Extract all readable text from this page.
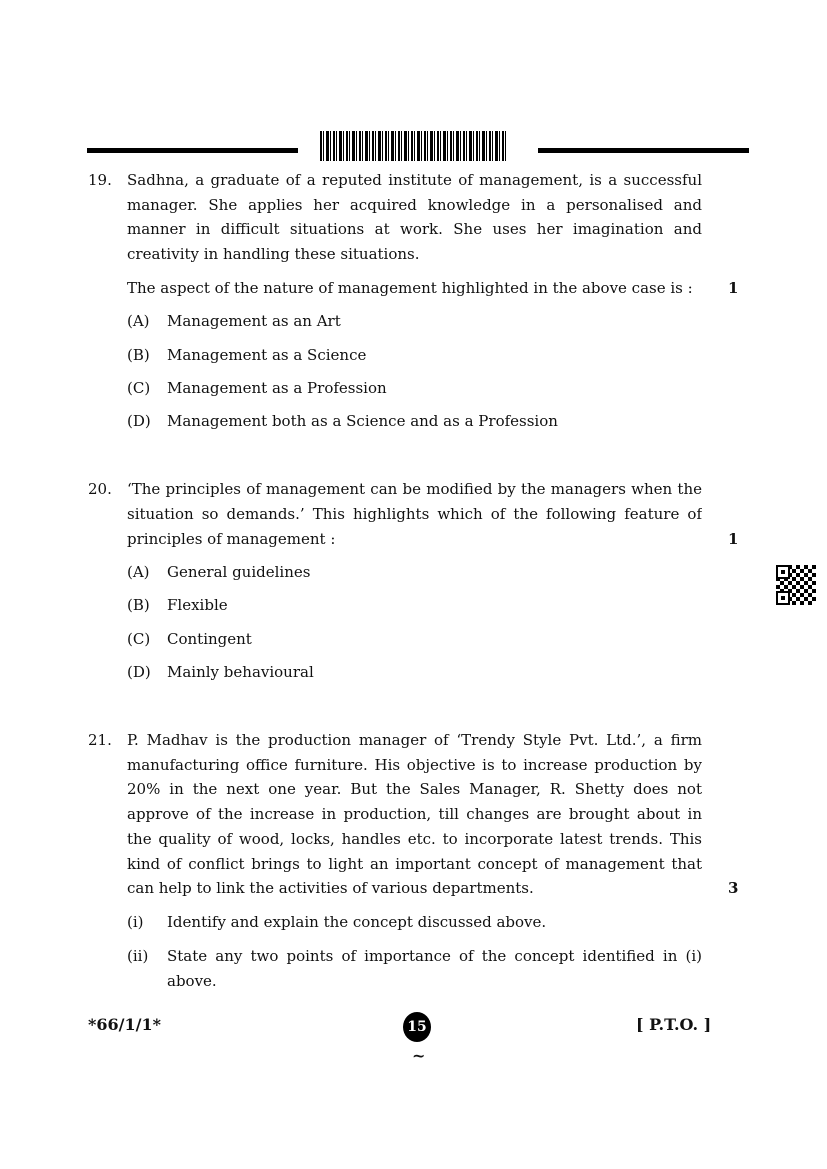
19. Sadhna, a graduate of a reputed institute of management, is a successful
manager. She applies her acquired knowledge in a personalised and
manner in difficult situations at work. She uses her imagination and
creativity in handling these situations.
The aspect of the nature of management highlighted in the above case is :	1
(A) Management as an Art
(B) Management as a Science
(C) Management as a Profession
(D) Management both as a Science and as a Profession
20. ‘The principles of management can be modified by the managers when the
situation so demands.’ This highlights which of the following feature of
principles of management :	1
(A) General guidelines
(B) Flexible
(C) Contingent
(D) Mainly behavioural
21. P. Madhav is the production manager of ‘Trendy Style Pvt. Ltd.’, a firm
manufacturing office furniture. His objective is to increase production by
20% in the next one year. But the Sales Manager, R. Shetty does not
approve of the increase in production, till changes are brought about in
the quality of wood, locks, handles etc. to incorporate latest trends. This
kind of conflict brings to light an important concept of management that
can help to link the activities of various departments.	3
(i) Identify and explain the concept discussed above.
(ii) State any two points of importance of the concept identified in (i)
above.
*66/1/1*	15	[ P.T.O. ]
~
